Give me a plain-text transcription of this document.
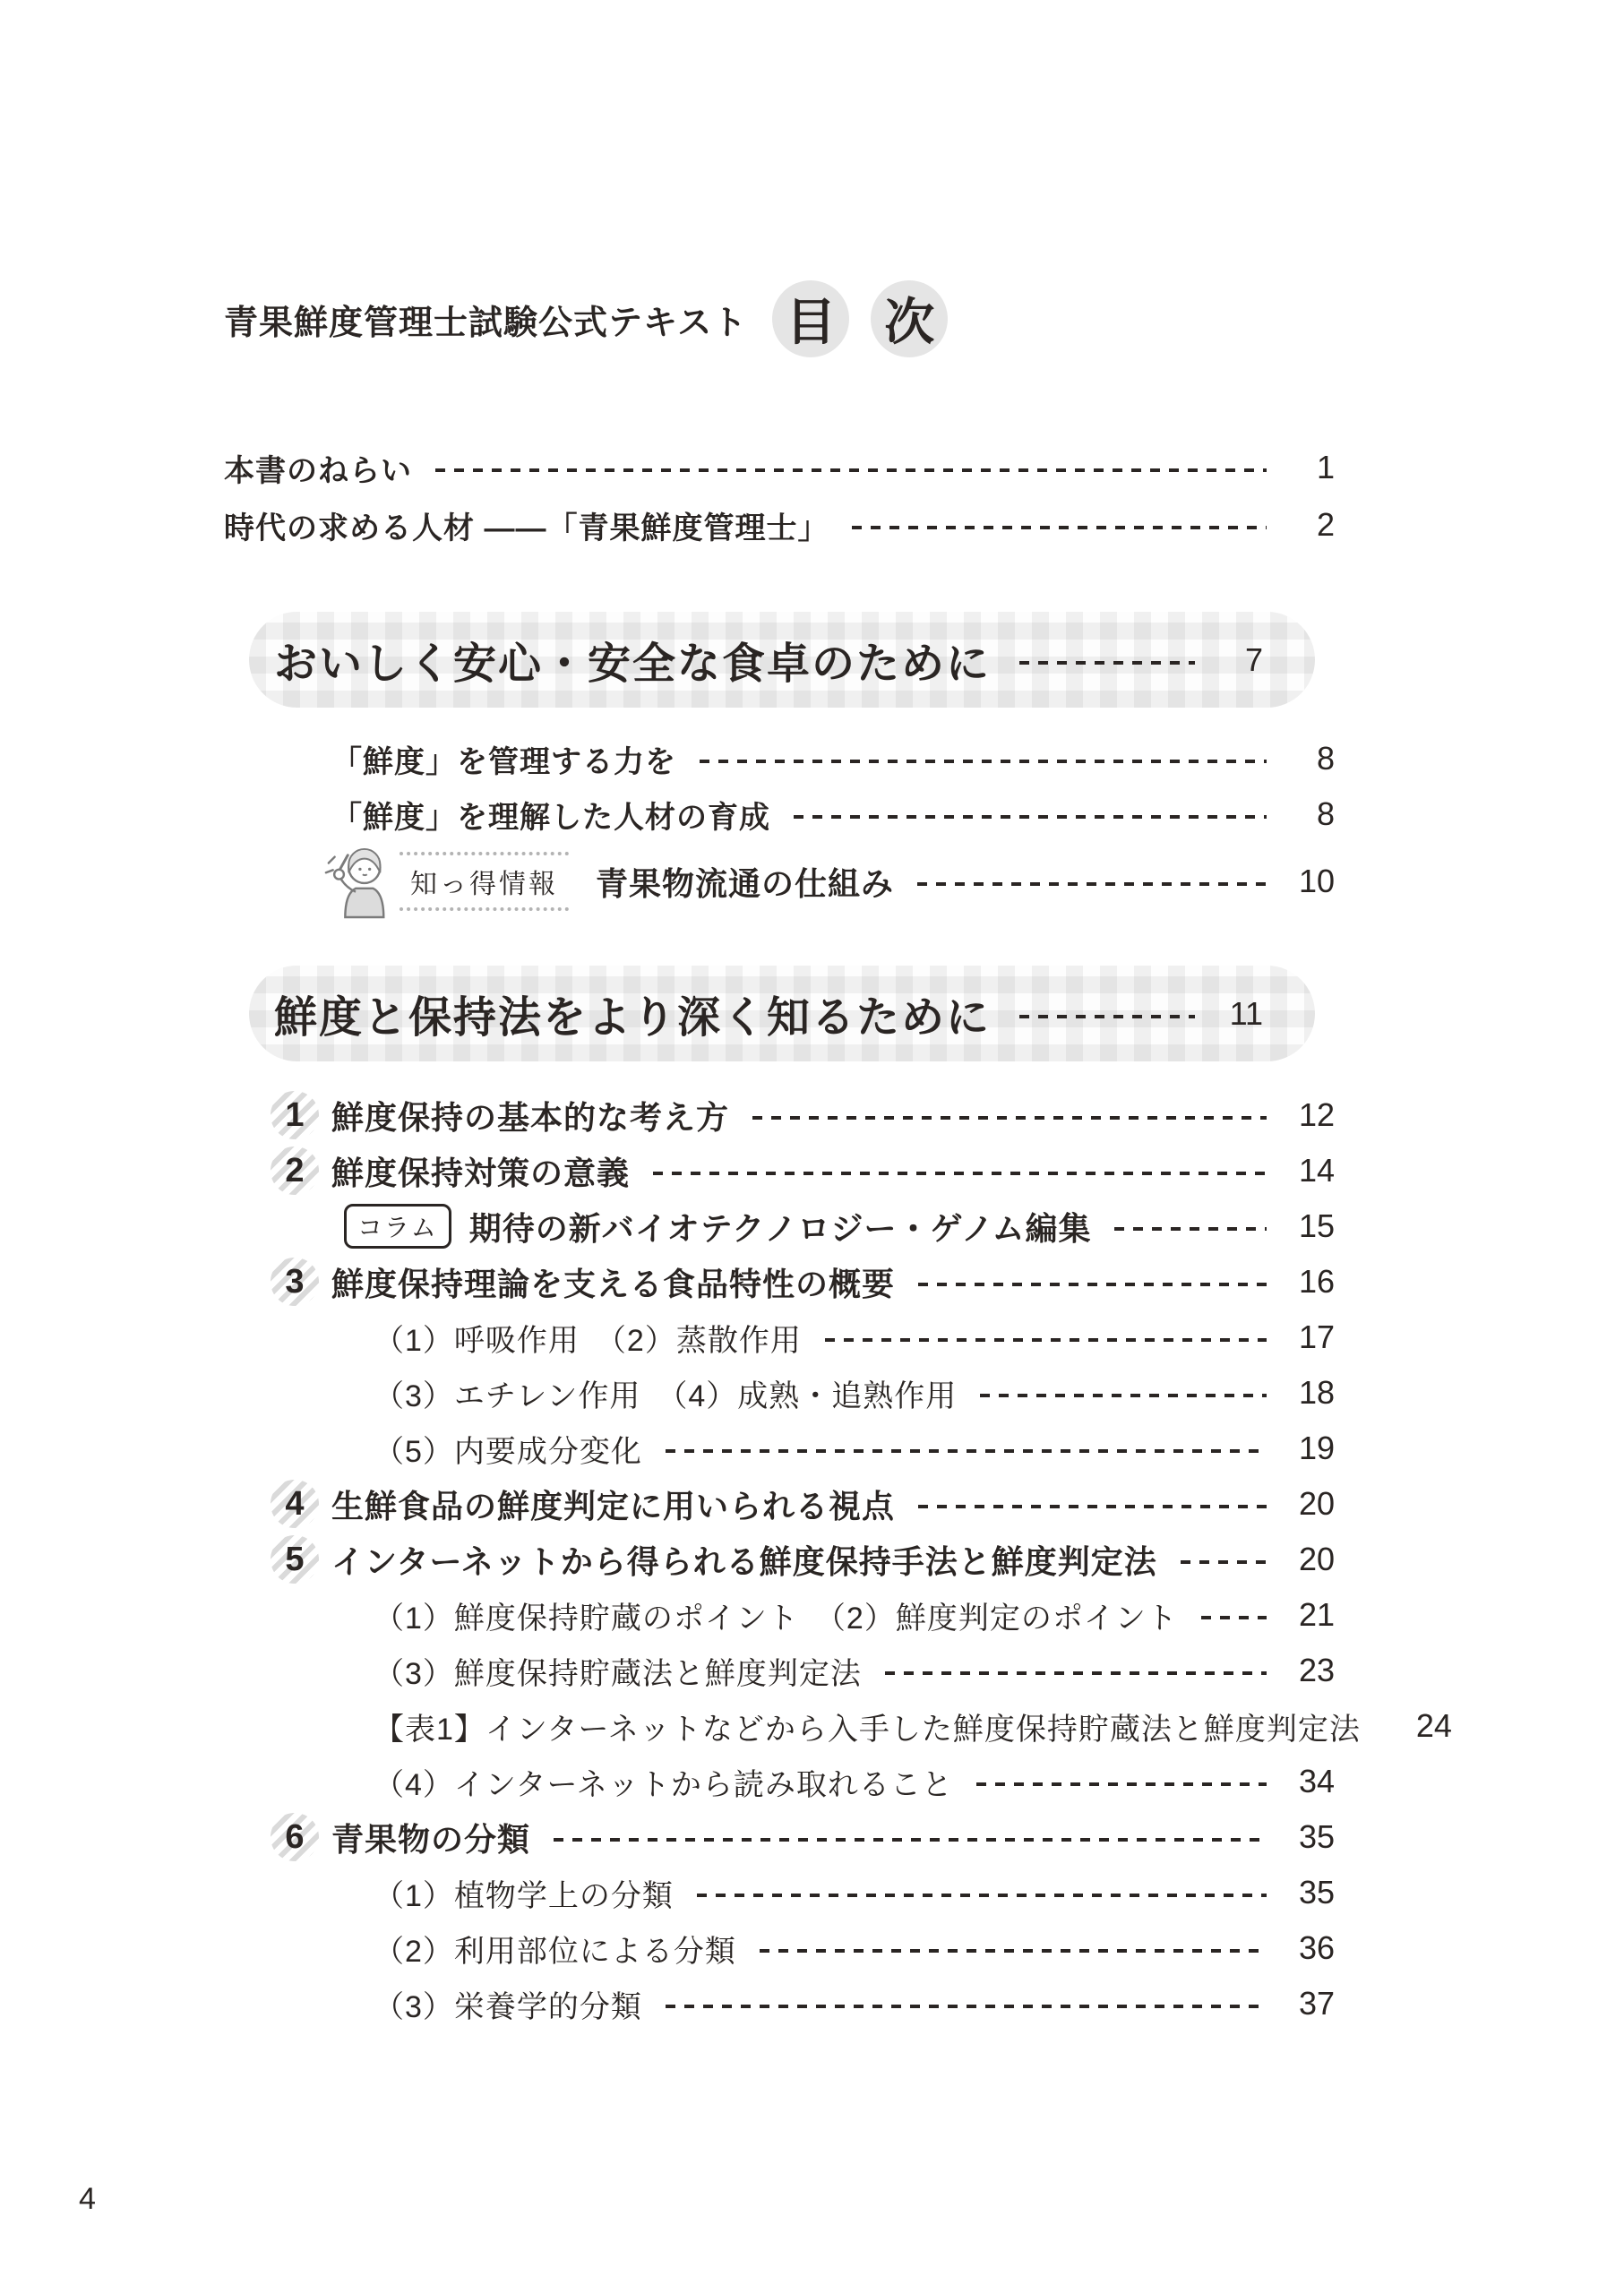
青果鮮度管理士試験公式テキスト 目 次
本書のねらい	1
時代の求める人材 ――「青果鮮度管理士」	2
おいしく安心・安全な食卓のために	7
「鮮度」を管理する力を	8
「鮮度」を理解した人材の育成	8
知っ得情報	青果物流通の仕組み	10
鮮度と保持法をより深く知るために	11
1 鮮度保持の基本的な考え方	12
2 鮮度保持対策の意義	14
コラム 期待の新バイオテクノロジー・ゲノム編集	15
3 鮮度保持理論を支える食品特性の概要	16
（1）呼吸作用　（2）蒸散作用	17
（3）エチレン作用　（4）成熟・追熟作用	18
（5）内要成分変化	19
4 生鮮食品の鮮度判定に用いられる視点	20
5 インターネットから得られる鮮度保持手法と鮮度判定法	20
（1）鮮度保持貯蔵のポイント　（2）鮮度判定のポイント	21
（3）鮮度保持貯蔵法と鮮度判定法	23
【表1】インターネットなどから入手した鮮度保持貯蔵法と鮮度判定法	24
（4）インターネットから読み取れること	34
6 青果物の分類	35
（1）植物学上の分類	35
（2）利用部位による分類	36
（3）栄養学的分類	37
4
